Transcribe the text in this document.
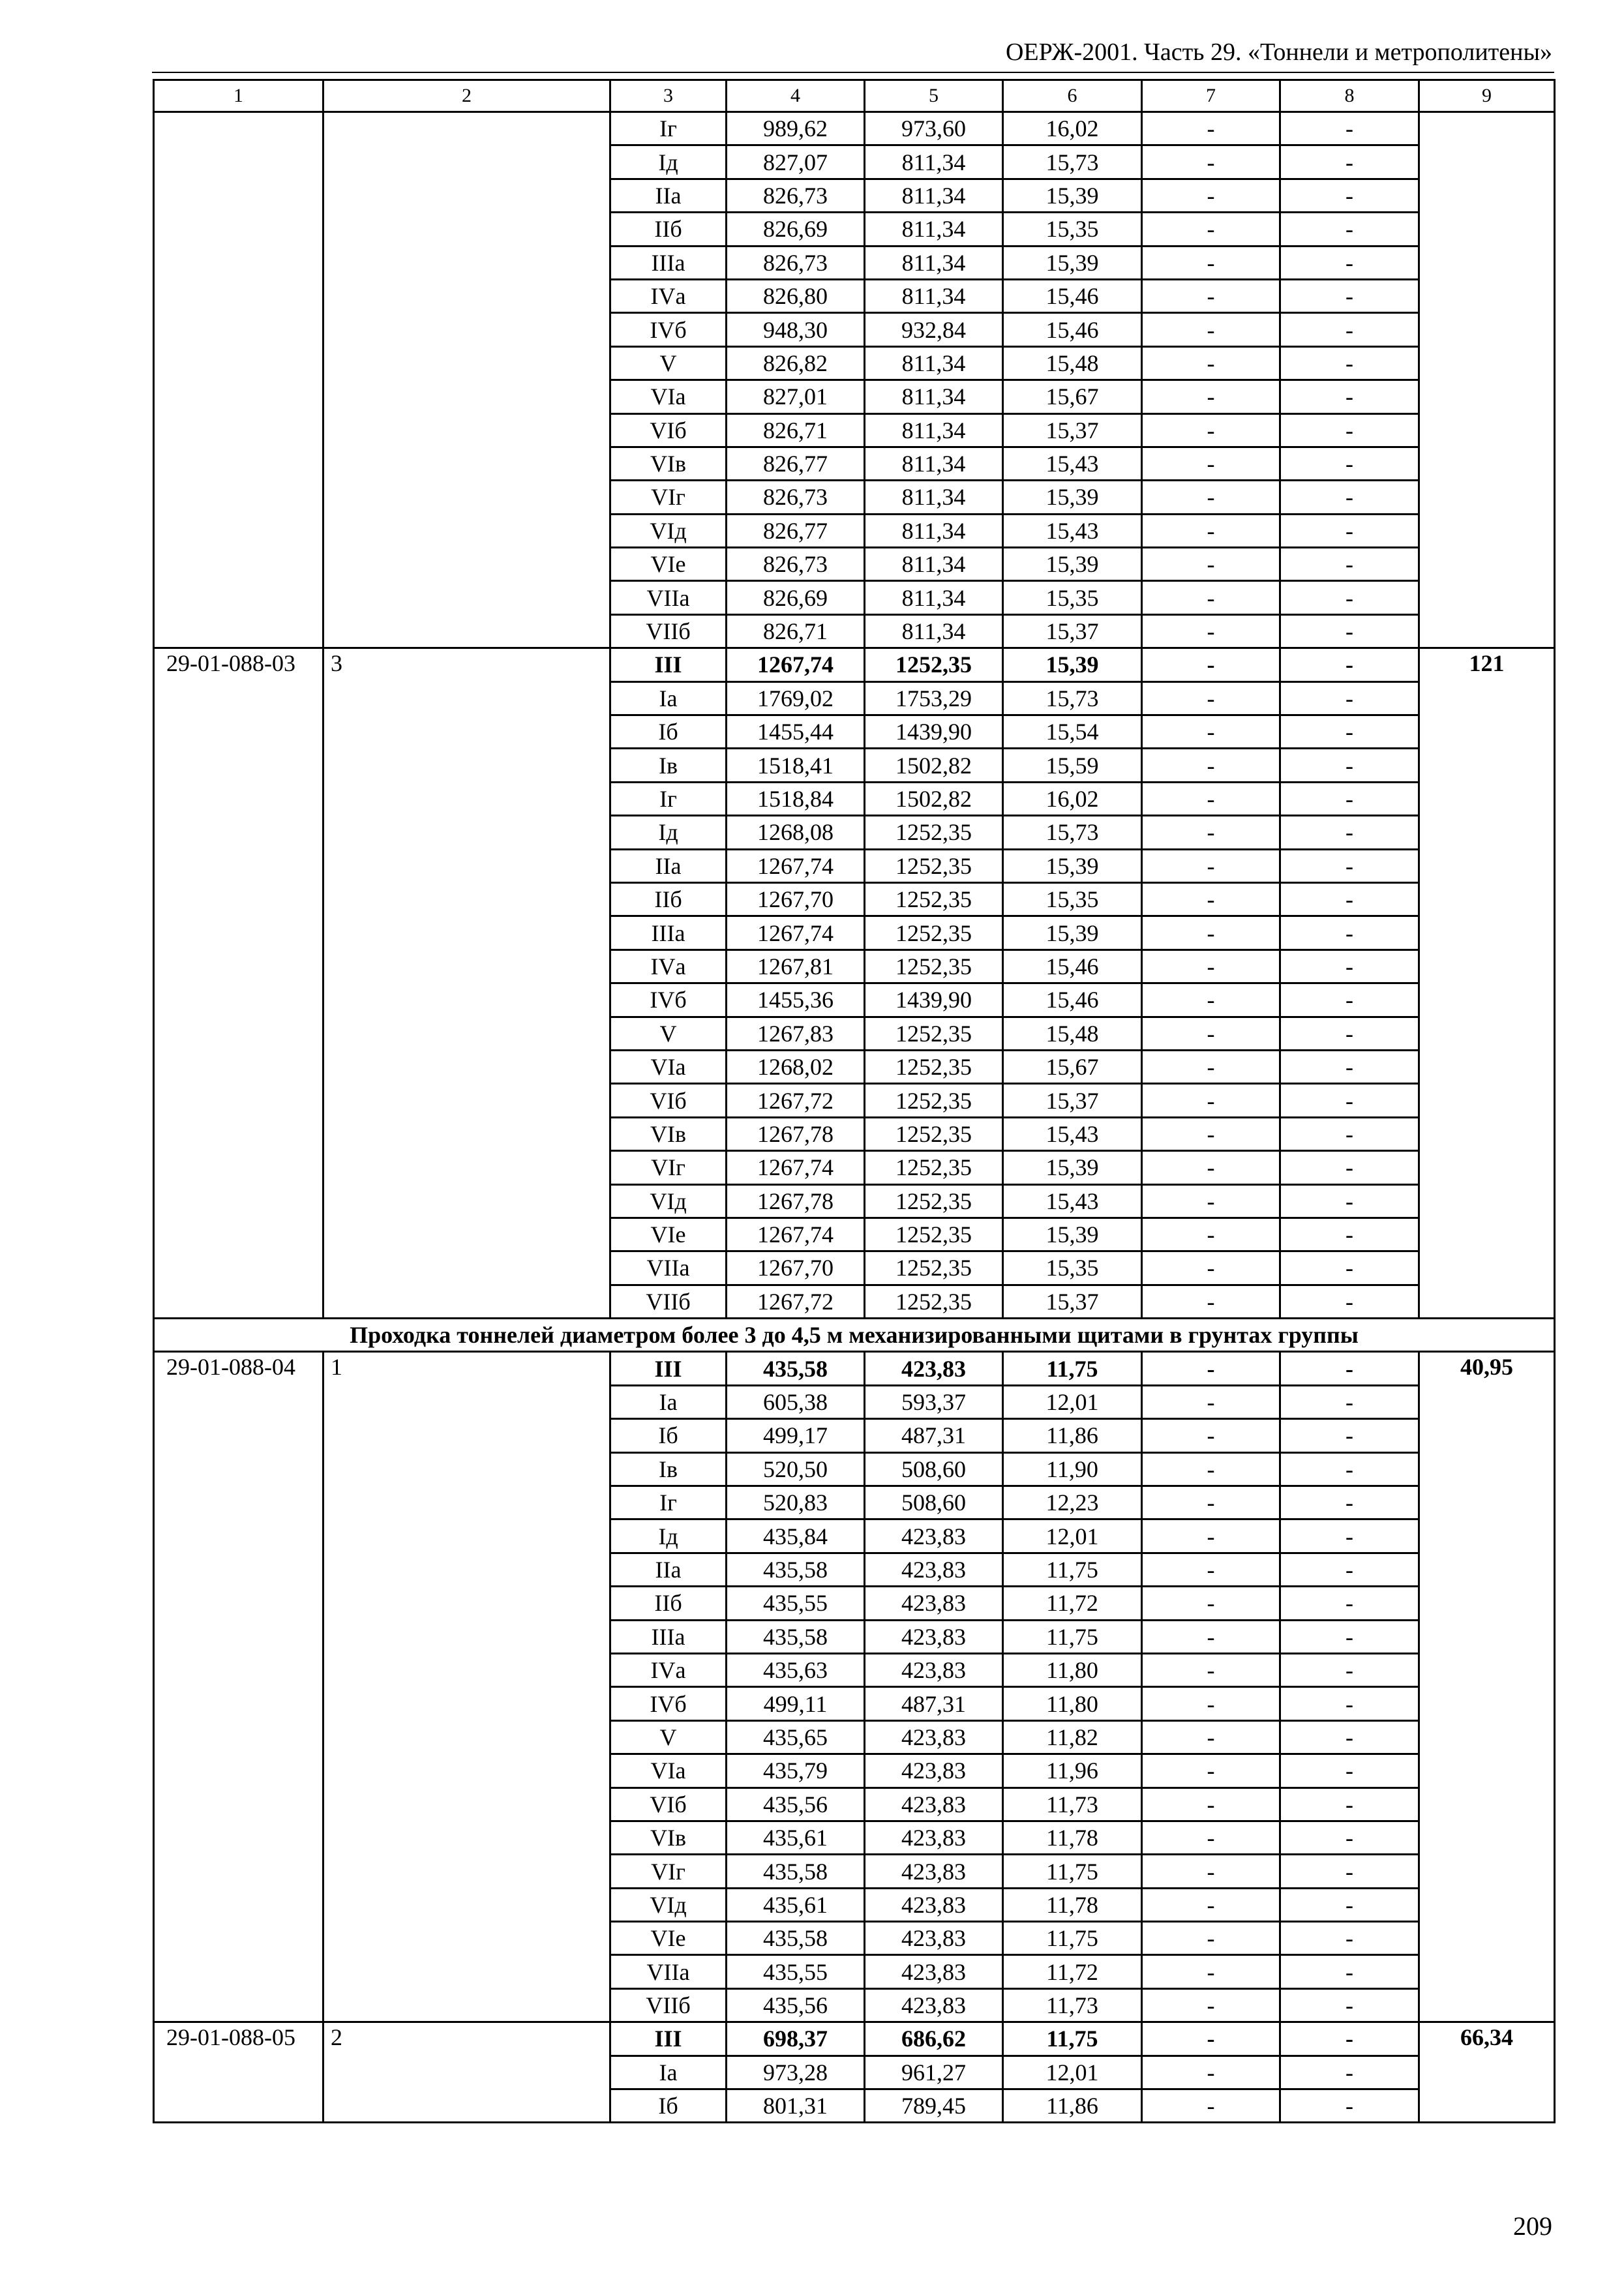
ОЕРЖ-2001. Часть 29. «Тоннели и метрополитены»
1	2	3	4	5	6	7	8	9
		Iг	989,62	973,60	16,02	-	-	
		Iд	827,07	811,34	15,73	-	-	
		IIа	826,73	811,34	15,39	-	-	
		IIб	826,69	811,34	15,35	-	-	
		IIIа	826,73	811,34	15,39	-	-	
		IVа	826,80	811,34	15,46	-	-	
		IVб	948,30	932,84	15,46	-	-	
		V	826,82	811,34	15,48	-	-	
		VIа	827,01	811,34	15,67	-	-	
		VIб	826,71	811,34	15,37	-	-	
		VIв	826,77	811,34	15,43	-	-	
		VIг	826,73	811,34	15,39	-	-	
		VIд	826,77	811,34	15,43	-	-	
		VIе	826,73	811,34	15,39	-	-	
		VIIа	826,69	811,34	15,35	-	-	
		VIIб	826,71	811,34	15,37	-	-	
29-01-088-03	3	III	1267,74	1252,35	15,39	-	-	121
		Iа	1769,02	1753,29	15,73	-	-	
		Iб	1455,44	1439,90	15,54	-	-	
		Iв	1518,41	1502,82	15,59	-	-	
		Iг	1518,84	1502,82	16,02	-	-	
		Iд	1268,08	1252,35	15,73	-	-	
		IIа	1267,74	1252,35	15,39	-	-	
		IIб	1267,70	1252,35	15,35	-	-	
		IIIа	1267,74	1252,35	15,39	-	-	
		IVа	1267,81	1252,35	15,46	-	-	
		IVб	1455,36	1439,90	15,46	-	-	
		V	1267,83	1252,35	15,48	-	-	
		VIа	1268,02	1252,35	15,67	-	-	
		VIб	1267,72	1252,35	15,37	-	-	
		VIв	1267,78	1252,35	15,43	-	-	
		VIг	1267,74	1252,35	15,39	-	-	
		VIд	1267,78	1252,35	15,43	-	-	
		VIе	1267,74	1252,35	15,39	-	-	
		VIIа	1267,70	1252,35	15,35	-	-	
		VIIб	1267,72	1252,35	15,37	-	-	
Проходка тоннелей диаметром более 3 до 4,5 м механизированными щитами в грунтах группы								
29-01-088-04	1	III	435,58	423,83	11,75	-	-	40,95
		Iа	605,38	593,37	12,01	-	-	
		Iб	499,17	487,31	11,86	-	-	
		Iв	520,50	508,60	11,90	-	-	
		Iг	520,83	508,60	12,23	-	-	
		Iд	435,84	423,83	12,01	-	-	
		IIа	435,58	423,83	11,75	-	-	
		IIб	435,55	423,83	11,72	-	-	
		IIIа	435,58	423,83	11,75	-	-	
		IVа	435,63	423,83	11,80	-	-	
		IVб	499,11	487,31	11,80	-	-	
		V	435,65	423,83	11,82	-	-	
		VIа	435,79	423,83	11,96	-	-	
		VIб	435,56	423,83	11,73	-	-	
		VIв	435,61	423,83	11,78	-	-	
		VIг	435,58	423,83	11,75	-	-	
		VIд	435,61	423,83	11,78	-	-	
		VIе	435,58	423,83	11,75	-	-	
		VIIа	435,55	423,83	11,72	-	-	
		VIIб	435,56	423,83	11,73	-	-	
29-01-088-05	2	III	698,37	686,62	11,75	-	-	66,34
		Iа	973,28	961,27	12,01	-	-	
		Iб	801,31	789,45	11,86	-	-	
209
